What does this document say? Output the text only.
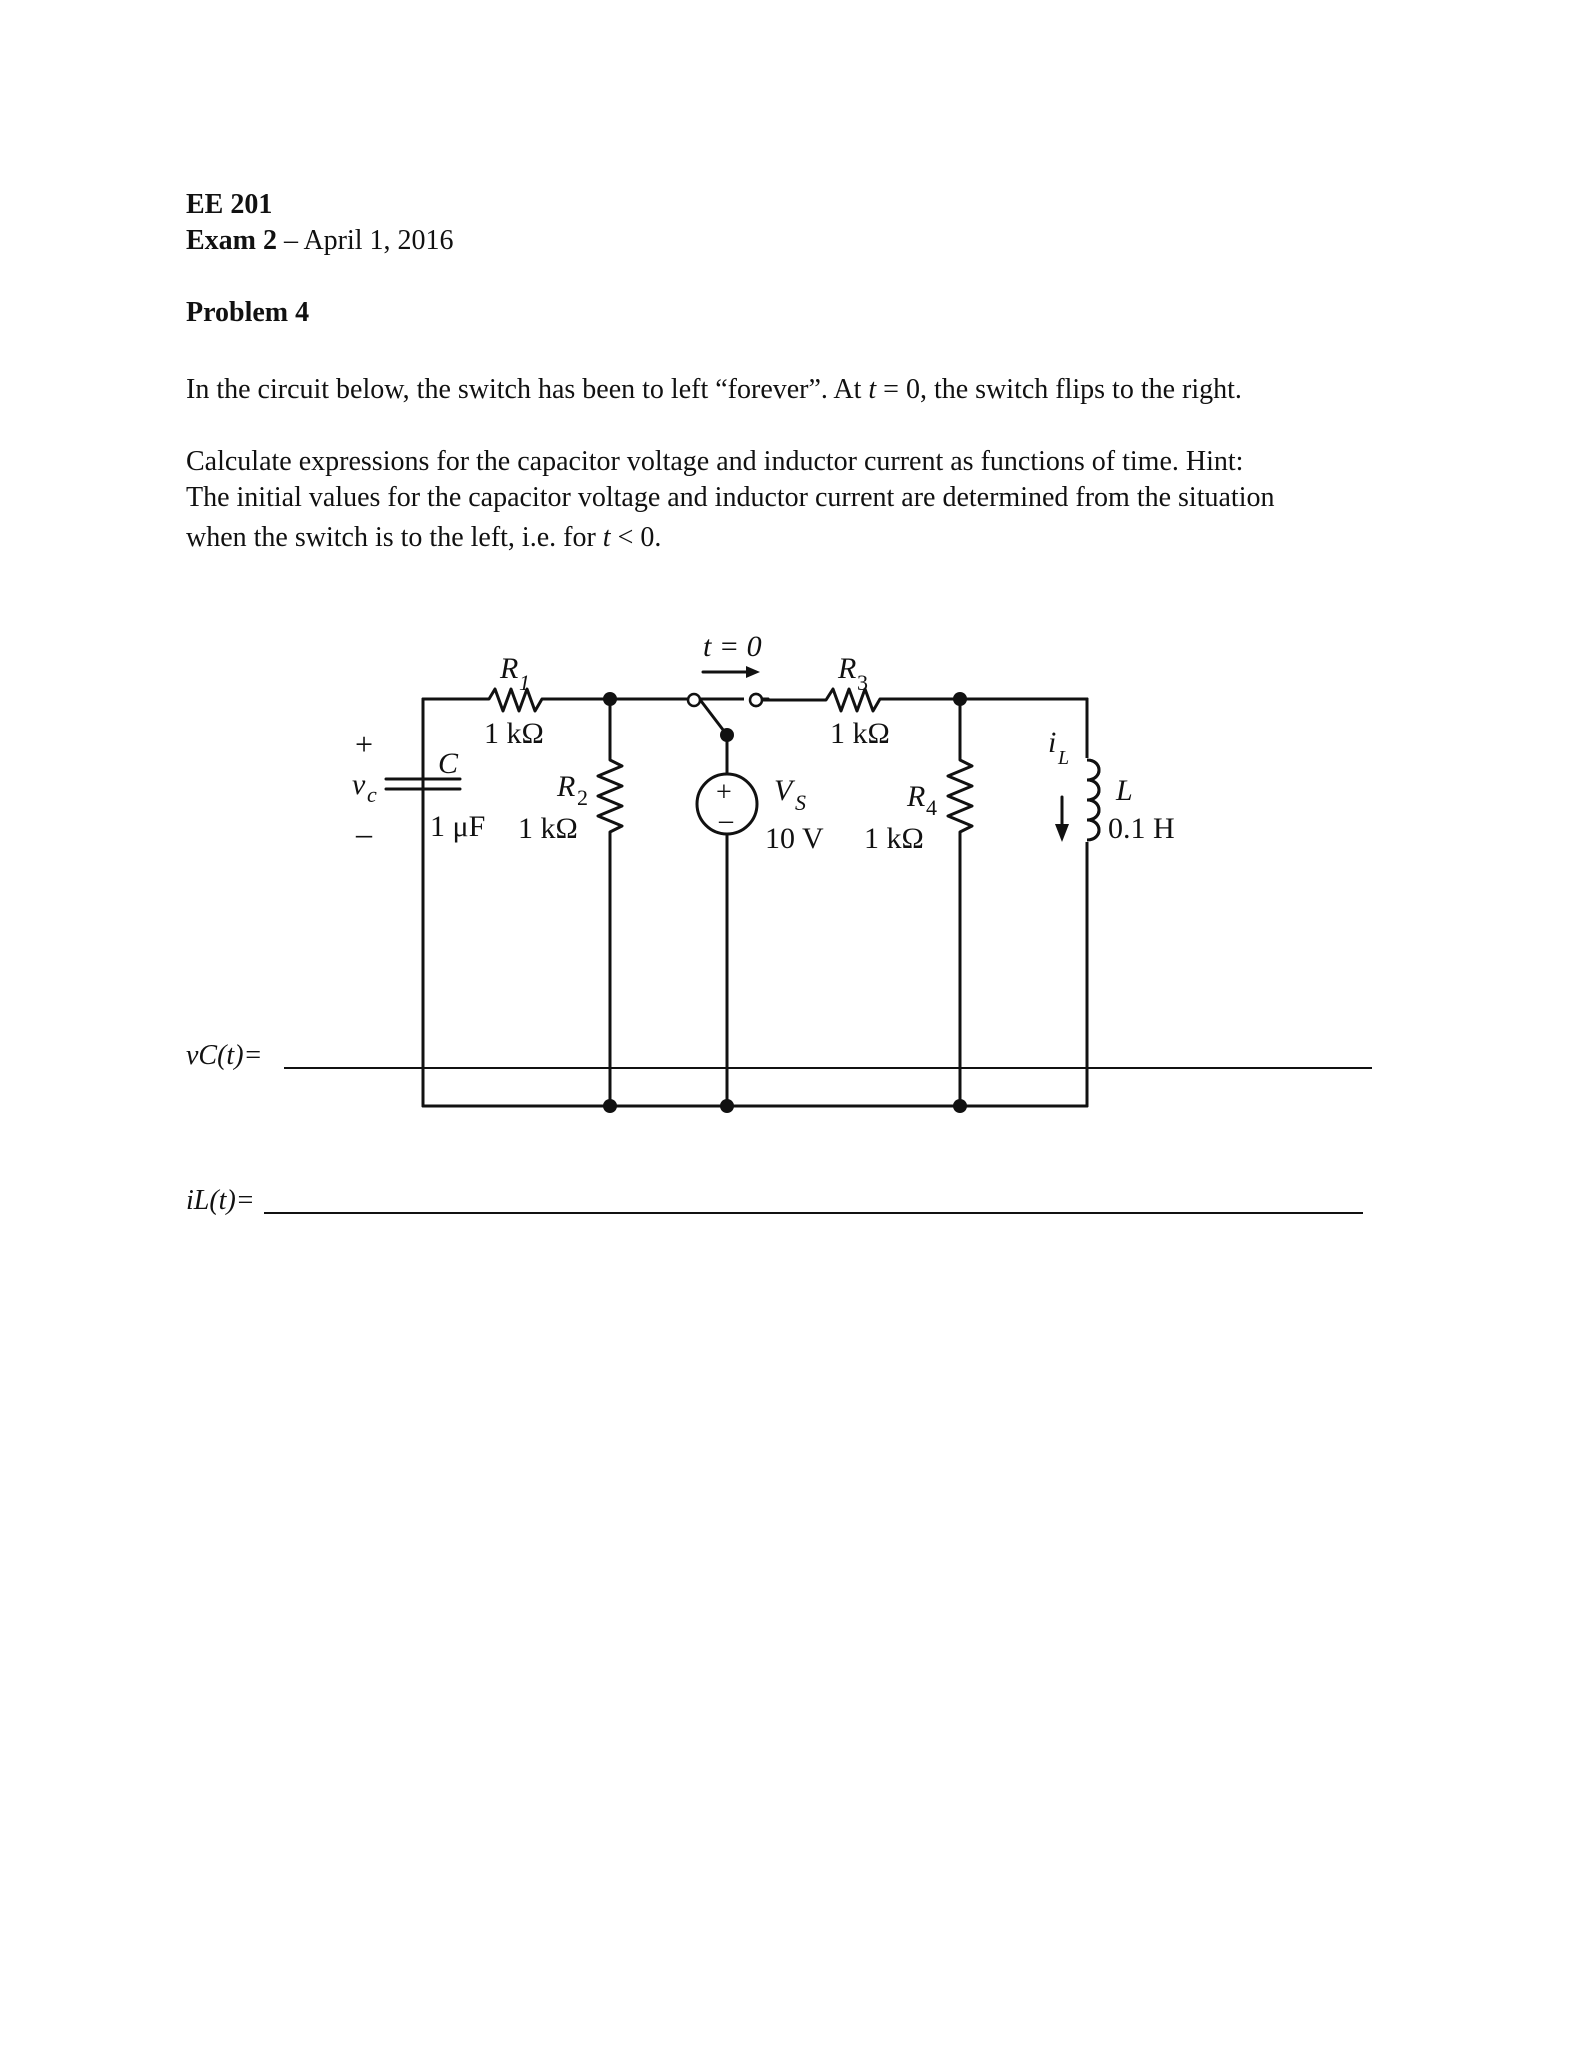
EE 201
Exam 2 – April 1, 2016
Problem 4
In the circuit below, the switch has been to left “forever”. At t = 0, the switch flips to the right.
Calculate expressions for the capacitor voltage and inductor current as functions of time. Hint:
The initial values for the capacitor voltage and inductor current are determined from the situation
when the switch is to the left, i.e. for t < 0.
t = 0
R 1
1 kΩ
R 3
1 kΩ
R 2
1 kΩ
R 4
1 kΩ
C
1 μF
+
v c
–
+
–
V S
10 V
i L
L
0.1 H
vC(t)=
iL(t)=
